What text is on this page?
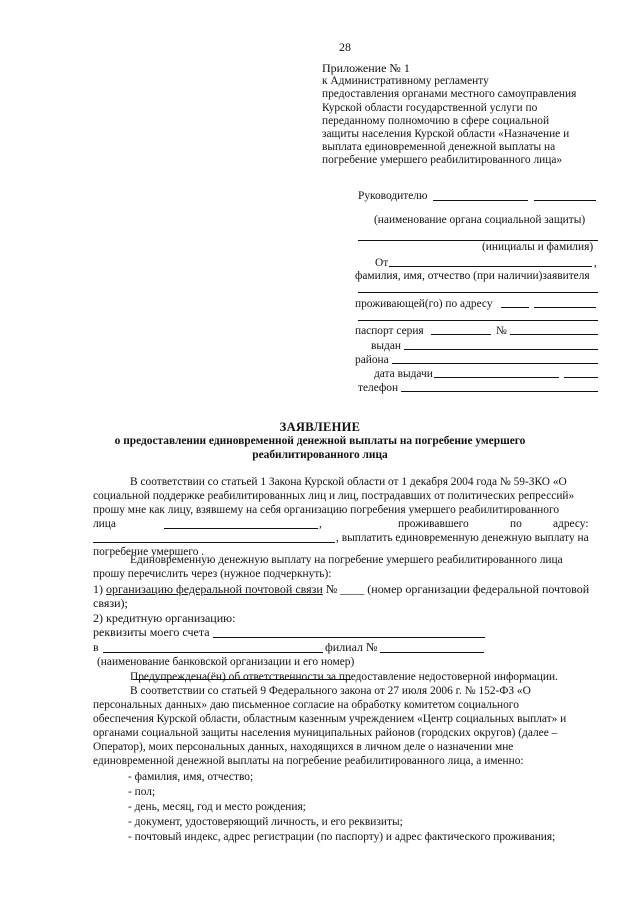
28
Приложение № 1
к Административному регламенту
предоставления органами местного самоуправления
Курской области государственной услуги по
переданному полномочию в сфере социальной
защиты населения Курской области «Назначение и
выплата единовременной денежной выплаты на
погребение умершего реабилитированного лица»
Руководителю
(наименование органа социальной защиты)
(инициалы и фамилия)
От	,
фамилия, имя, отчество (при наличии)заявителя
проживающей(го) по адресу
паспорт серия	№
выдан
района
дата выдачи
телефон
ЗАЯВЛЕНИЕ
о предоставлении единовременной денежной выплаты на погребение умершего
реабилитированного лица
В соответствии со статьей 1 Закона Курской области от 1 декабря 2004 года № 59-ЗКО «О
социальной поддержке реабилитированных лиц и лиц, пострадавших от политических репрессий»
прошу мне как лицу, взявшему на себя организацию погребения умершего реабилитированного
лица	,	проживавшего	по	адресу:
, выплатить единовременную денежную выплату на
погребение умершего .
Единовременную денежную выплату на погребение умершего реабилитированного лица
прошу перечислить через (нужное подчеркнуть):
1) организацию федеральной почтовой связи № ____ (номер организации федеральной почтовой
связи);
2) кредитную организацию:
реквизиты моего счета
в	филиал №
(наименование банковской организации и его номер)
Предупреждена(ён) об ответственности за предоставление недостоверной информации.
В соответствии со статьей 9 Федерального закона от 27 июля 2006 г. № 152-ФЗ «О
персональных данных» даю письменное согласие на обработку комитетом социального
обеспечения Курской области, областным казенным учреждением «Центр социальных выплат» и
органами социальной защиты населения муниципальных районов (городских округов) (далее –
Оператор), моих персональных данных, находящихся в личном деле о назначении мне
единовременной денежной выплаты на погребение реабилитированного лица, а именно:
- фамилия, имя, отчество;
- пол;
- день, месяц, год и место рождения;
- документ, удостоверяющий личность, и его реквизиты;
- почтовый индекс, адрес регистрации (по паспорту) и адрес фактического проживания;
